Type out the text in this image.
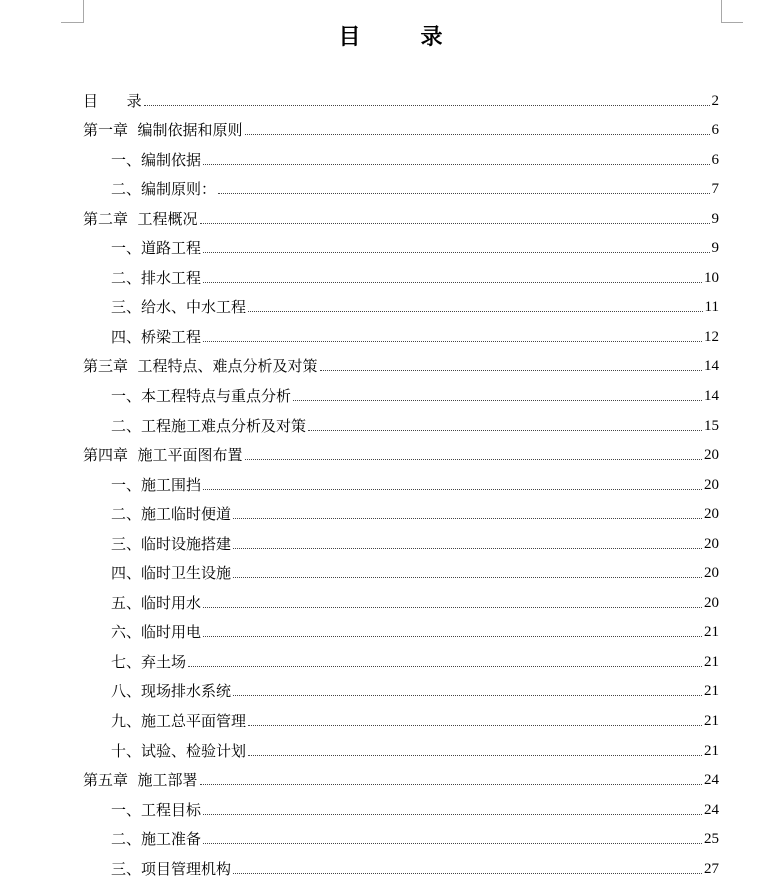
目      录
目      录	2
第一章  编制依据和原则	6
一、编制依据	6
二、编制原则：	7
第二章  工程概况	9
一、道路工程	9
二、排水工程	10
三、给水、中水工程	11
四、桥梁工程	12
第三章  工程特点、难点分析及对策	14
一、本工程特点与重点分析	14
二、工程施工难点分析及对策	15
第四章  施工平面图布置	20
一、施工围挡	20
二、施工临时便道	20
三、临时设施搭建	20
四、临时卫生设施	20
五、临时用水	20
六、临时用电	21
七、弃土场	21
八、现场排水系统	21
九、施工总平面管理	21
十、试验、检验计划	21
第五章  施工部署	24
一、工程目标	24
二、施工准备	25
三、项目管理机构	27
